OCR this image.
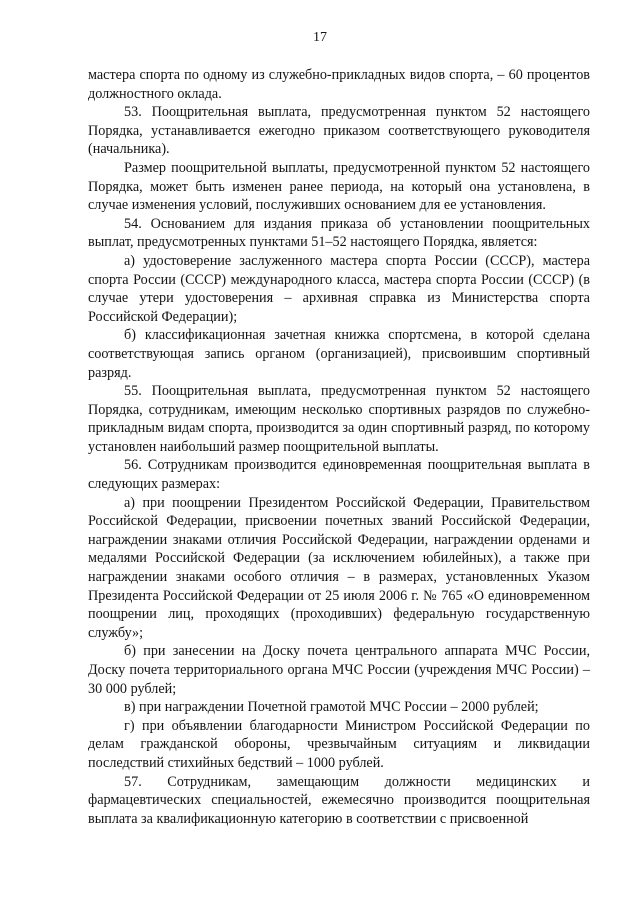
17

мастера спорта по одному из служебно-прикладных видов спорта, – 60 процентов должностного оклада.

53. Поощрительная выплата, предусмотренная пунктом 52 настоящего Порядка, устанавливается ежегодно приказом соответствующего руководителя (начальника).

Размер поощрительной выплаты, предусмотренной пунктом 52 настоящего Порядка, может быть изменен ранее периода, на который она установлена, в случае изменения условий, послуживших основанием для ее установления.

54. Основанием для издания приказа об установлении поощрительных выплат, предусмотренных пунктами 51–52 настоящего Порядка, является:

а) удостоверение заслуженного мастера спорта России (СССР), мастера спорта России (СССР) международного класса, мастера спорта России (СССР) (в случае утери удостоверения – архивная справка из Министерства спорта Российской Федерации);

б) классификационная зачетная книжка спортсмена, в которой сделана соответствующая запись органом (организацией), присвоившим спортивный разряд.

55. Поощрительная выплата, предусмотренная пунктом 52 настоящего Порядка, сотрудникам, имеющим несколько спортивных разрядов по служебно-прикладным видам спорта, производится за один спортивный разряд, по которому установлен наибольший размер поощрительной выплаты.

56. Сотрудникам производится единовременная поощрительная выплата в следующих размерах:

а) при поощрении Президентом Российской Федерации, Правительством Российской Федерации, присвоении почетных званий Российской Федерации, награждении знаками отличия Российской Федерации, награждении орденами и медалями Российской Федерации (за исключением юбилейных), а также при награждении знаками особого отличия – в размерах, установленных Указом Президента Российской Федерации от 25 июля 2006 г. № 765 «О единовременном поощрении лиц, проходящих (проходивших) федеральную государственную службу»;

б) при занесении на Доску почета центрального аппарата МЧС России, Доску почета территориального органа МЧС России (учреждения МЧС России) – 30 000 рублей;

в) при награждении Почетной грамотой МЧС России – 2000 рублей;

г) при объявлении благодарности Министром Российской Федерации по делам гражданской обороны, чрезвычайным ситуациям и ликвидации последствий стихийных бедствий – 1000 рублей.

57. Сотрудникам, замещающим должности медицинских и фармацевтических специальностей, ежемесячно производится поощрительная выплата за квалификационную категорию в соответствии с присвоенной
